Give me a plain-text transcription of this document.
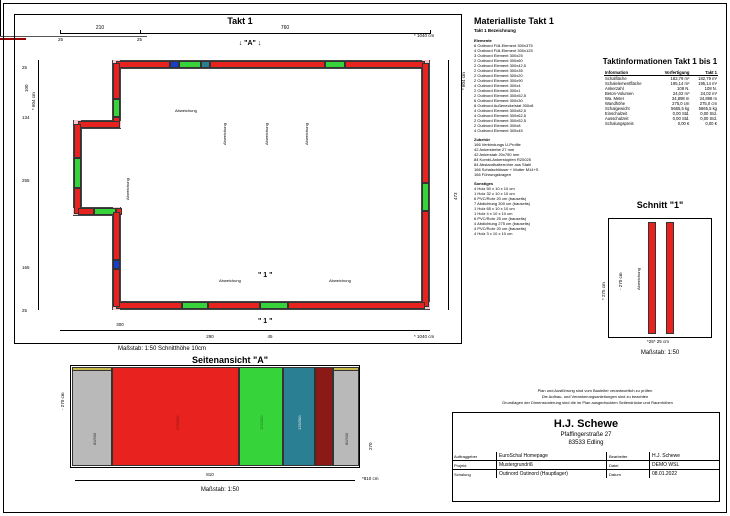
Takt 1
210	760
25	25
* 1040 cm
↓ "A" ↓
100
* 604 cm
134
255
165
25
25
473
* 604 cm
300
290	45	* 1040 cm
Abweichung
Abweichung	Abweichung	Abweichung
Abweichung
Abweichung	Abweichung
" 1 "
" 1 "
Maßstab: 1:50 Schnitthöhe 10cm
Seitenansicht "A"
80/300
375/300	125/300	125/300
80/300
- 270 cm
270
810
*810 cm
Maßstab: 1:50
Materialliste Takt 1
Takt 1 Bezeichnung
Elemente
6 Outinord Füll-Element 300x375
4 Outinord Füll-Element 300x125
3 Outinord Element 300x25
2 Outinord Element 300x60
2 Outinord Element 300x42,5
2 Outinord Element 300x35
2 Outinord Element 300x20
2 Outinord Element 300x90
4 Outinord Element 300x4
2 Outinord Element 300x1
2 Outinord Element 300x52,5
6 Outinord Element 300x30
8 Outinord Außenecke/stat 300x8
4 Outinord Element 300x82,5
4 Outinord Element 300x62,5
2 Outinord Element 300x52,5
2 Outinord Element 300x8
4 Outinord Element 300x45
Zubehör
166 Verbindungs U-Profile
42 Ankerstrebe 27 mm
42 Ankerstab 20x750 mm
84 Kombi-Ankerstopfen R20025
84 Abstandhalterrohre aus Stahl
166 Schalschlösser + Mutter M14+S
166 Führungskragen
Sonstiges
4 Holz 50 x 10 x 10 cm
1 Holz 32 x 10 x 10 cm
6 PVC/Rohr 20 cm (bauseits)
7 Abdichtung 300 cm (bauseits)
1 Holz 65 x 10 x 10 cm
1 Holz 4 x 10 x 10 cm
6 PVC/Rohr 25 cm (bauseits)
4 Abdichtung 275 cm (bauseits)
4 PVC/Rohr 20 cm (bauseits)
4 Holz 3 x 10 x 10 cm
Taktinformationen Takt 1 bis 1
Information	Vorfertigung	Takt 1
Schalfläche	182,79 m²	182,79 m²
Schalelementfläche	195,14 m²	195,14 m²
Ankerzahl	108 N.	108 N.
Beton-Volumen	24,02 m³	24,02 m³
Wa. Meter	34,898 m	34,898 m
Wandhöhe	275,0 cm	275,0 cm
Schalgewicht	5665,5 kg	5665,5 kg
Einschalzeit	0,00 Std.	0,00 Std.
Ausschalzeit	0,00 Std.	0,00 Std.
Schalungspreis	0,00 €	0,00 €
Schnitt "1"
* 275 cm
- 270 cm	Abweichung
*25* 25 cm
Maßstab: 1:50
Plan und Ausführung sind vom Bauleiter verantwortlich zu prüfen
Die Aufbau- und Verankerungsanleitungen sind zu beachten
Grundlagen der Dimensionierung sind die im Plan ausgedruckten Seitendrücke und Raumhöhen
H.J. Schewe
Pfaffingerstraße 27
83533 Edling
Auftraggeber	EuroSchal Homepage	Bearbeiter	H.J. Schewe
Projekt	Mustergrundriß	Datei	DEMO WSL
Schalung	Outinord Outinord (Hauptlager)	Datum	08.01.2022
